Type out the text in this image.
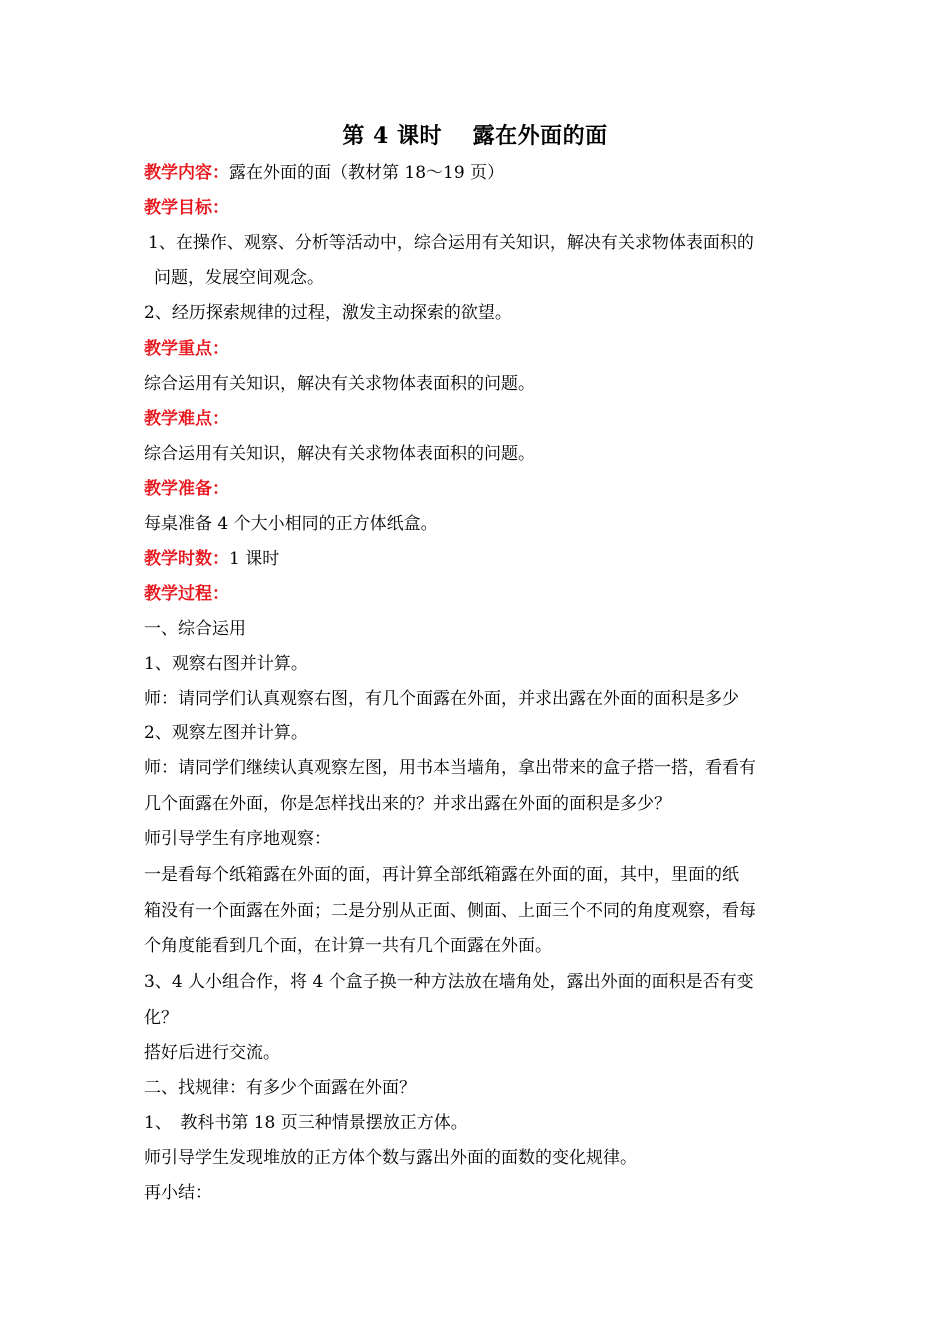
第 4 课时　 露在外面的面
教学内容：露在外面的面（教材第 18～19 页）
教学目标：
1、在操作、观察、分析等活动中，综合运用有关知识，解决有关求物体表面积的
问题，发展空间观念。
2、经历探索规律的过程，激发主动探索的欲望。
教学重点：
综合运用有关知识，解决有关求物体表面积的问题。
教学难点：
综合运用有关知识，解决有关求物体表面积的问题。
教学准备：
每桌准备 4 个大小相同的正方体纸盒。
教学时数：1 课时
教学过程：
一、综合运用
1、观察右图并计算。
师：请同学们认真观察右图，有几个面露在外面，并求出露在外面的面积是多少
2、观察左图并计算。
师：请同学们继续认真观察左图，用书本当墙角，拿出带来的盒子搭一搭，看看有
几个面露在外面，你是怎样找出来的？并求出露在外面的面积是多少？
师引导学生有序地观察：
一是看每个纸箱露在外面的面，再计算全部纸箱露在外面的面，其中，里面的纸
箱没有一个面露在外面；二是分别从正面、侧面、上面三个不同的角度观察，看每
个角度能看到几个面，在计算一共有几个面露在外面。
3、4 人小组合作，将 4 个盒子换一种方法放在墙角处，露出外面的面积是否有变
化？
搭好后进行交流。
二、找规律：有多少个面露在外面？
1、　教科书第 18 页三种情景摆放正方体。
师引导学生发现堆放的正方体个数与露出外面的面数的变化规律。
再小结：
